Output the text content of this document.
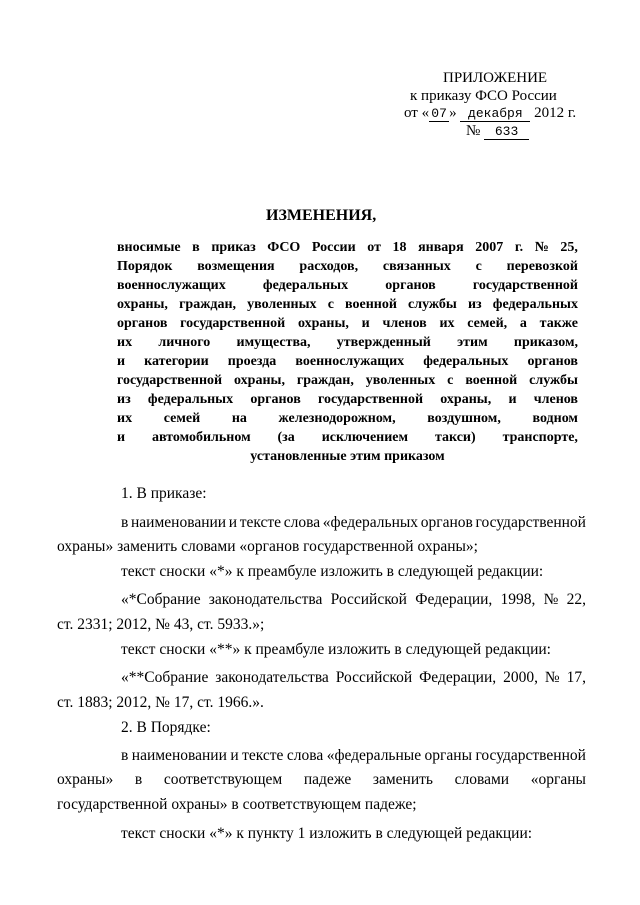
ПРИЛОЖЕНИЕ
к приказу ФСО России
от « 07 » декабря 2012 г.
№ 633
ИЗМЕНЕНИЯ,
вносимые в приказ ФСО России от 18 января 2007 г. № 25,
Порядок возмещения расходов, связанных с перевозкой
военнослужащих	федеральных	органов	государственной
охраны, граждан, уволенных с военной службы из федеральных
органов государственной охраны, и членов их семей, а также
их личного имущества, утвержденный этим приказом,
и категории проезда военнослужащих федеральных органов
государственной охраны, граждан, уволенных с военной службы
из федеральных органов государственной охраны, и членов
их семей на железнодорожном, воздушном, водном
и автомобильном (за исключением такси) транспорте,
установленные этим приказом
1. В приказе:
в наименовании и тексте слова «федеральных органов государственной
охраны» заменить словами «органов государственной охраны»;
текст сноски «*» к преамбуле изложить в следующей редакции:
«*Собрание законодательства Российской Федерации, 1998, № 22,
ст. 2331; 2012, № 43, ст. 5933.»;
текст сноски «**» к преамбуле изложить в следующей редакции:
«**Собрание законодательства Российской Федерации, 2000, № 17,
ст. 1883; 2012, № 17, ст. 1966.».
2. В Порядке:
в наименовании и тексте слова «федеральные органы государственной
охраны» в соответствующем падеже заменить словами «органы
государственной охраны» в соответствующем падеже;
текст сноски «*» к пункту 1 изложить в следующей редакции:
